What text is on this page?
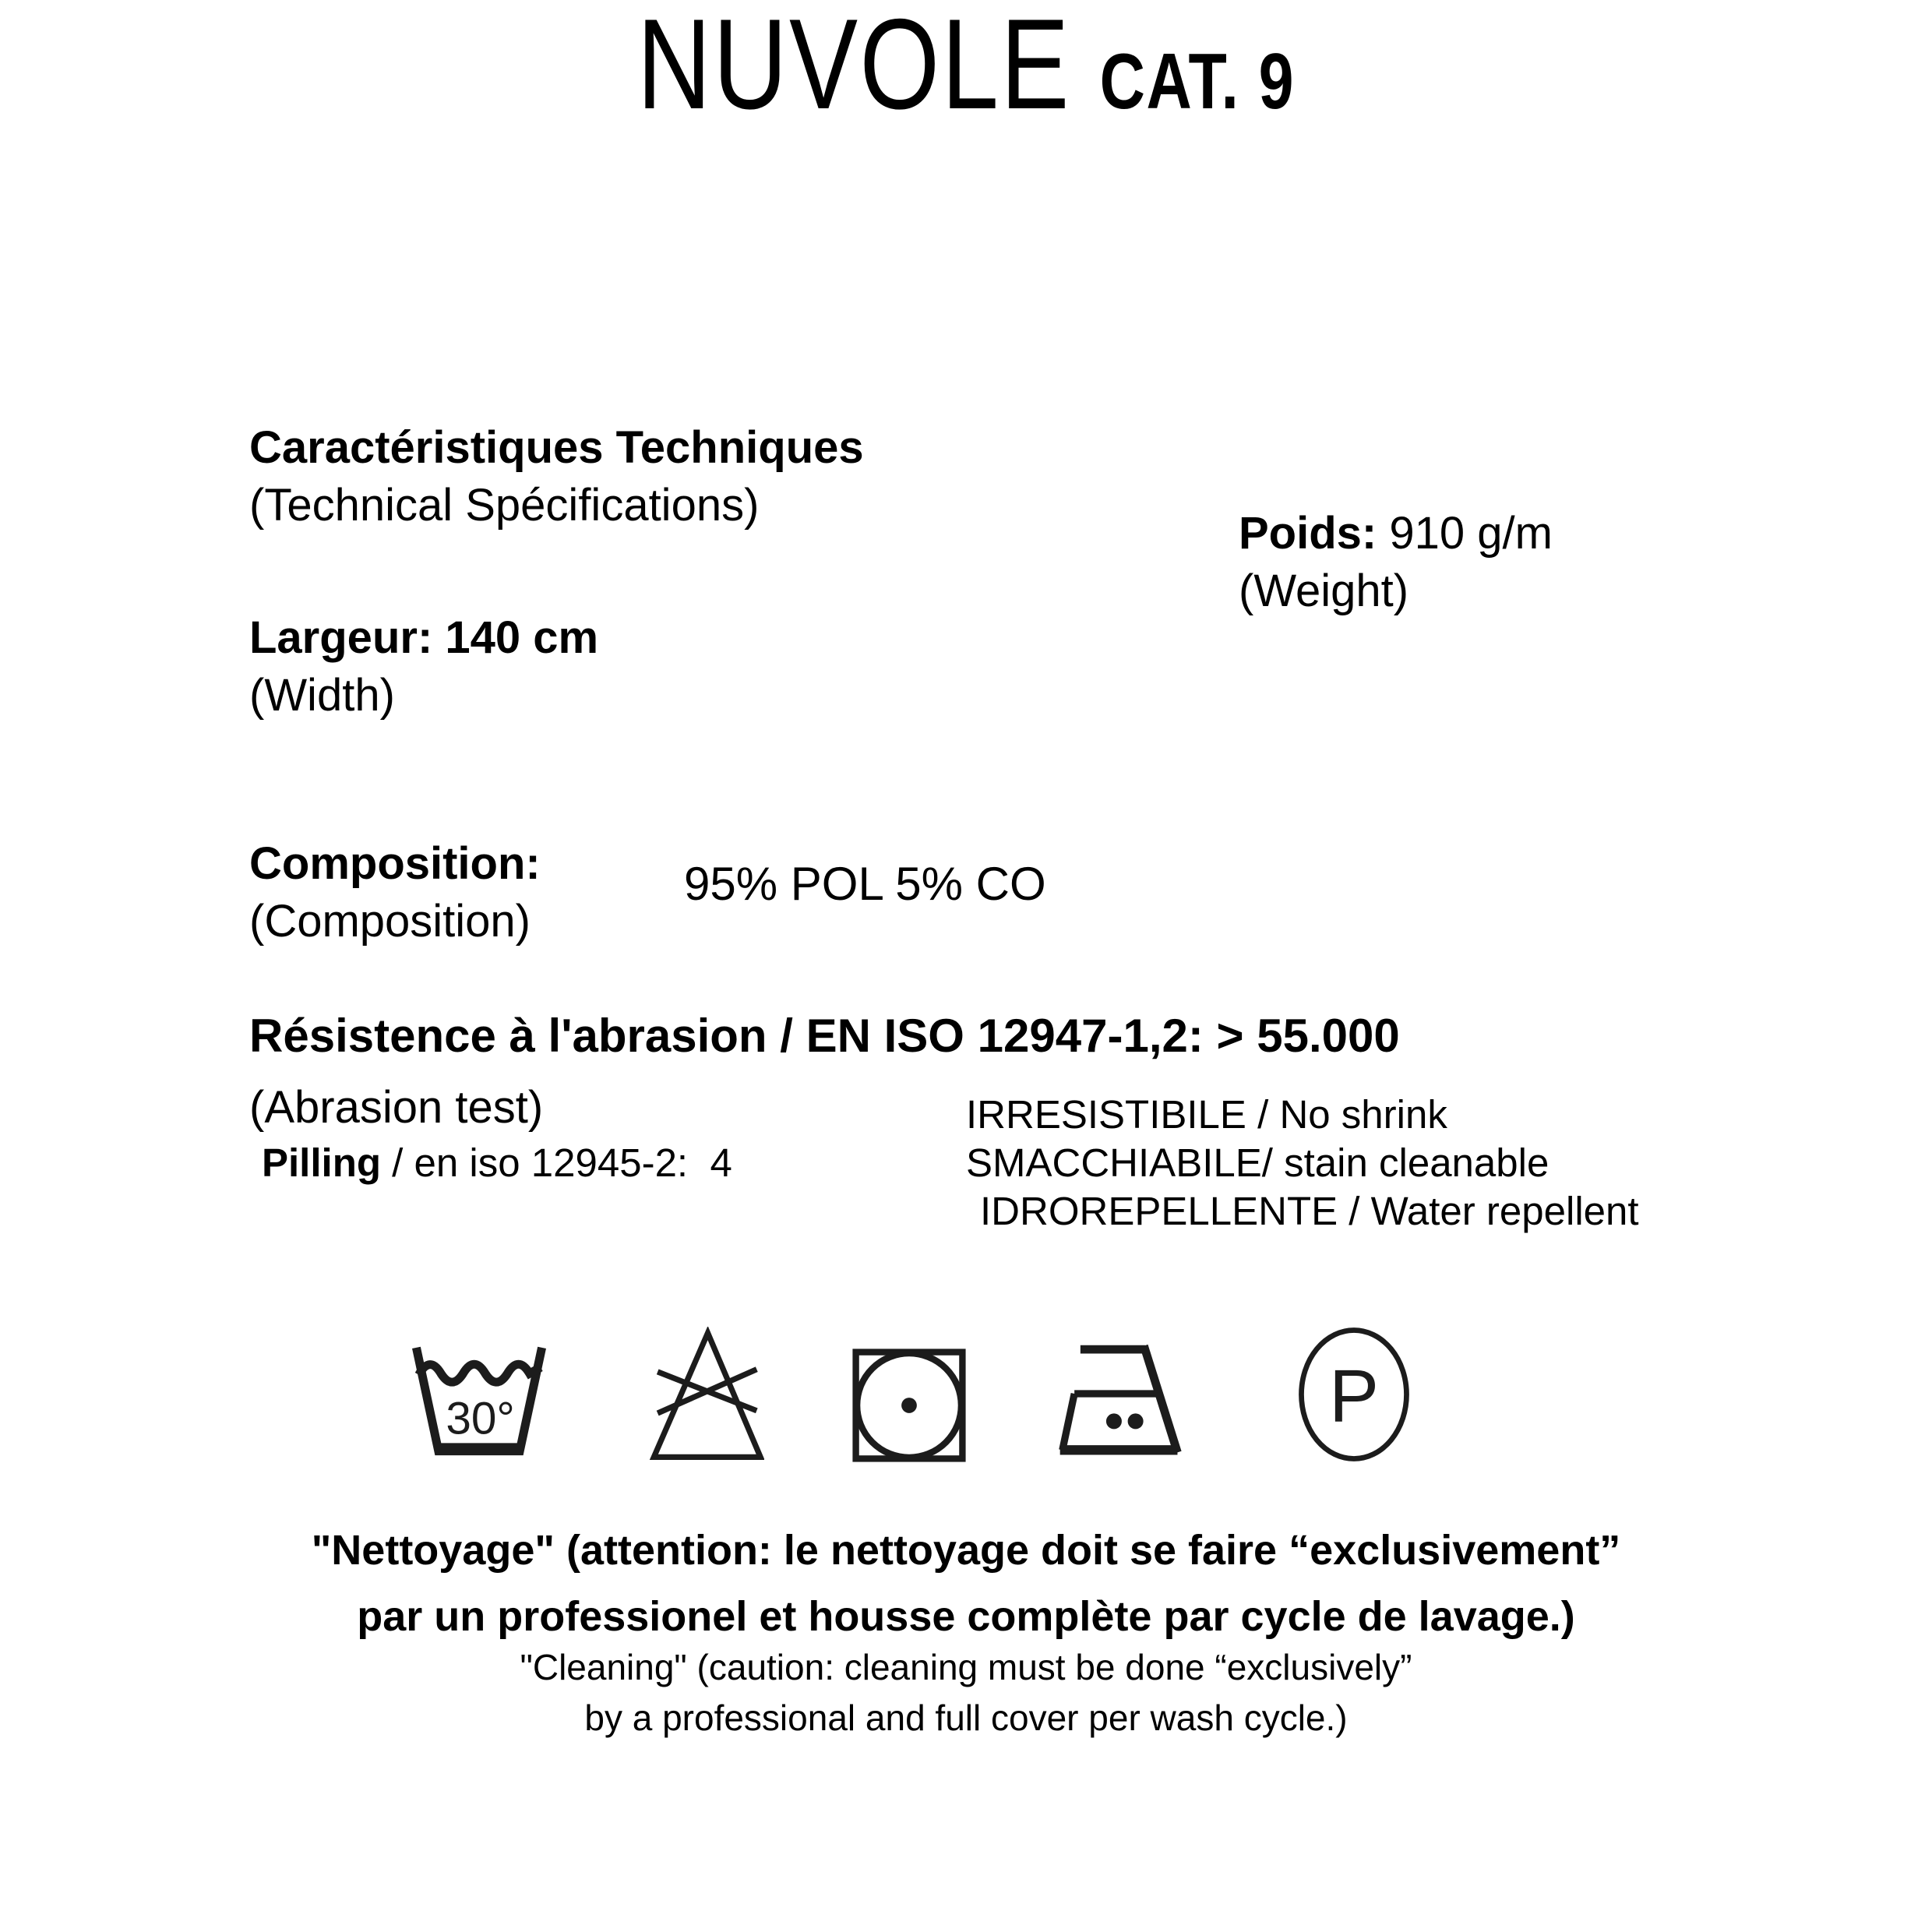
NUVOLE CAT. 9
Caractéristiques Techniques
(Technical Spécifications)
Poids: 910 g/m
(Weight)
Largeur: 140 cm
(Width)
Composition:
(Composition)
95% POL 5% CO
Résistence à l'abrasion / EN ISO 12947-1,2: > 55.000
(Abrasion test)
Pilling / en iso 12945-2:  4
IRRESISTIBILE / No shrink
SMACCHIABILE/ stain cleanable
IDROREPELLENTE / Water repellent
30°	P
"Nettoyage" (attention: le nettoyage doit se faire “exclusivement”
par un professionel et housse complète par cycle de lavage.)
"Cleaning" (caution: cleaning must be done “exclusively”
by a professional and full cover per wash cycle.)
